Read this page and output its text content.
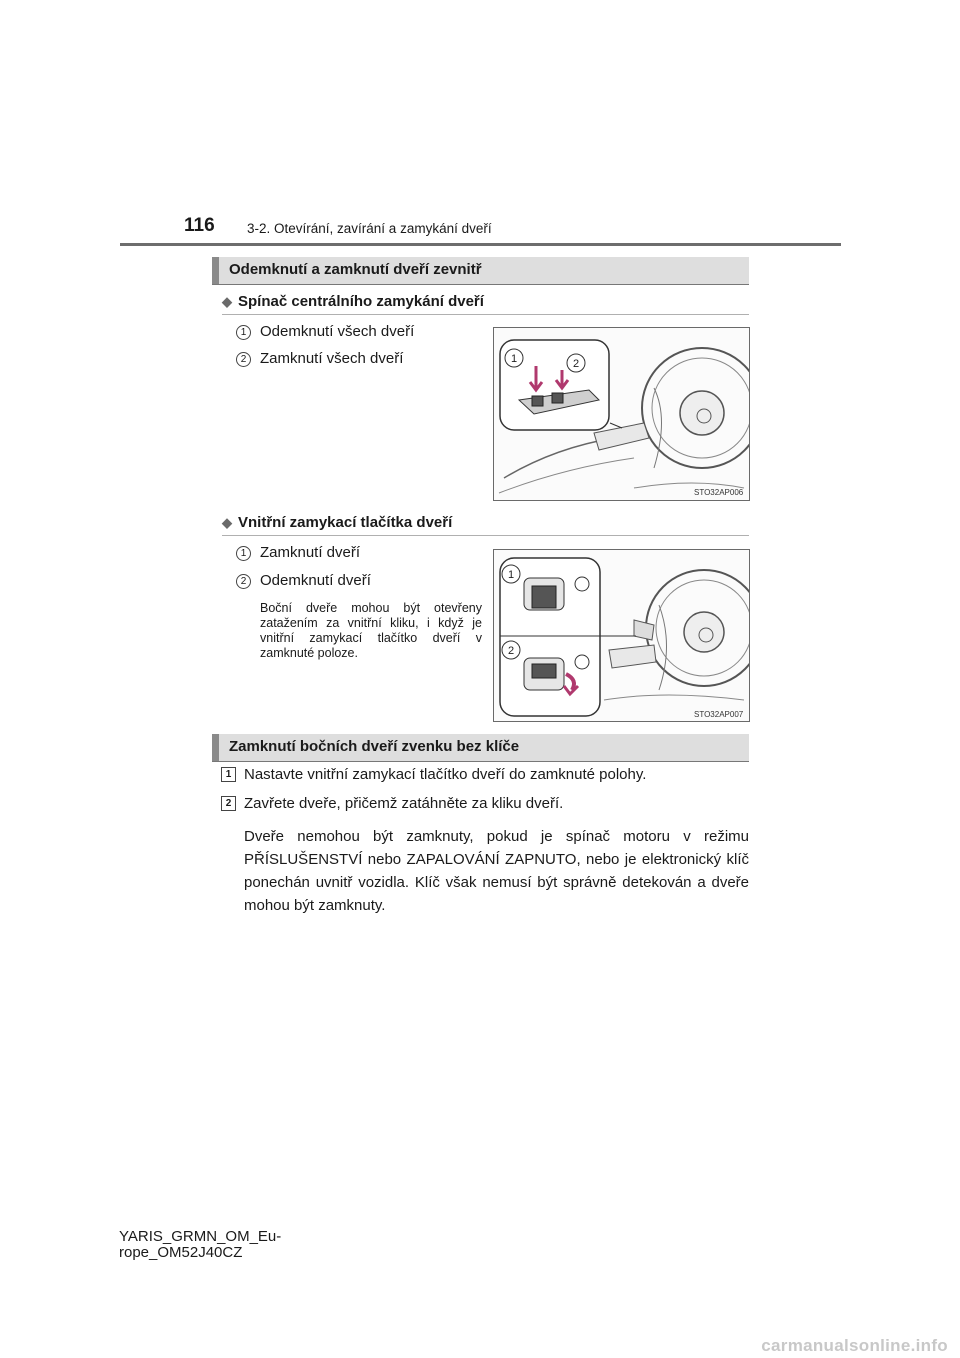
116 3-2. Otevírání, zavírání a zamykání dveří
Odemknutí a zamknutí dveří zevnitř
◆ Spínač centrálního zamykání dveří
1 Odemknutí všech dveří
2 Zamknutí všech dveří	1	2
STO32AP006
◆ Vnitřní zamykací tlačítka dveří
1 Zamknutí dveří
2 Odemknutí dveří
Boční dveře mohou být otevřeny zatažením za vnitřní kliku, i když je vnitřní zamykací tlačítko dveří v zamknuté poloze.
1
2
STO32AP007
Zamknutí bočních dveří zvenku bez klíče
1 Nastavte vnitřní zamykací tlačítko dveří do zamknuté polohy.
2 Zavřete dveře, přičemž zatáhněte za kliku dveří.
Dveře nemohou být zamknuty, pokud je spínač motoru v režimu PŘÍSLUŠENSTVÍ nebo ZAPALOVÁNÍ ZAPNUTO, nebo je elektronický klíč ponechán uvnitř vozidla. Klíč však nemusí být správně detekován a dveře mohou být zamknuty.
YARIS_GRMN_OM_Eu-
rope_OM52J40CZ
carmanualsonline.info
